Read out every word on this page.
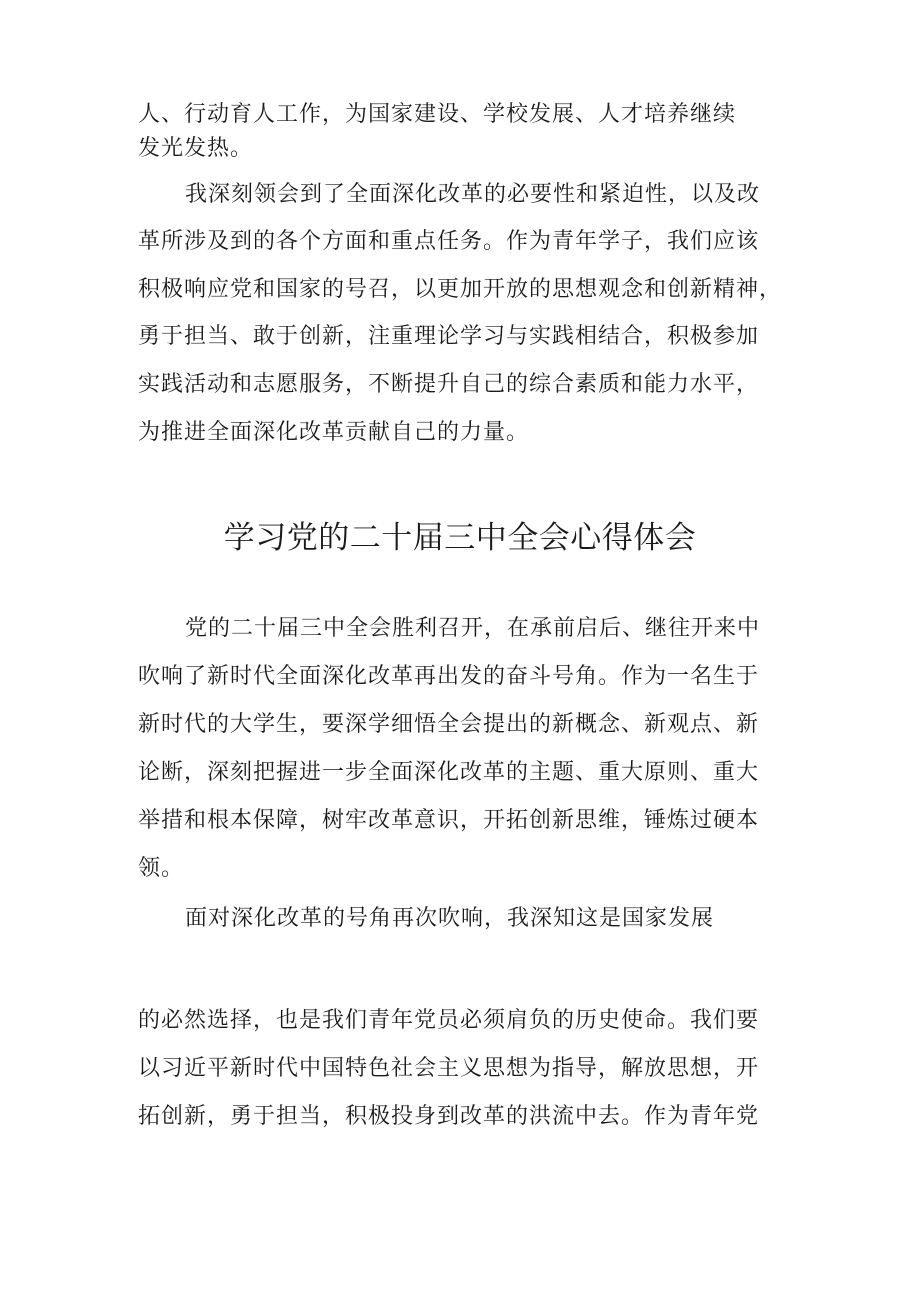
人、行动育人工作，为国家建设、学校发展、人才培养继续
发光发热。
我深刻领会到了全面深化改革的必要性和紧迫性，以及改
革所涉及到的各个方面和重点任务。作为青年学子，我们应该
积极响应党和国家的号召，以更加开放的思想观念和创新精神，
勇于担当、敢于创新，注重理论学习与实践相结合，积极参加
实践活动和志愿服务，不断提升自己的综合素质和能力水平，
为推进全面深化改革贡献自己的力量。
学习党的二十届三中全会心得体会
党的二十届三中全会胜利召开，在承前启后、继往开来中
吹响了新时代全面深化改革再出发的奋斗号角。作为一名生于
新时代的大学生，要深学细悟全会提出的新概念、新观点、新
论断，深刻把握进一步全面深化改革的主题、重大原则、重大
举措和根本保障，树牢改革意识，开拓创新思维，锤炼过硬本
领。
面对深化改革的号角再次吹响，我深知这是国家发展
的必然选择，也是我们青年党员必须肩负的历史使命。我们要
以习近平新时代中国特色社会主义思想为指导，解放思想，开
拓创新，勇于担当，积极投身到改革的洪流中去。作为青年党
